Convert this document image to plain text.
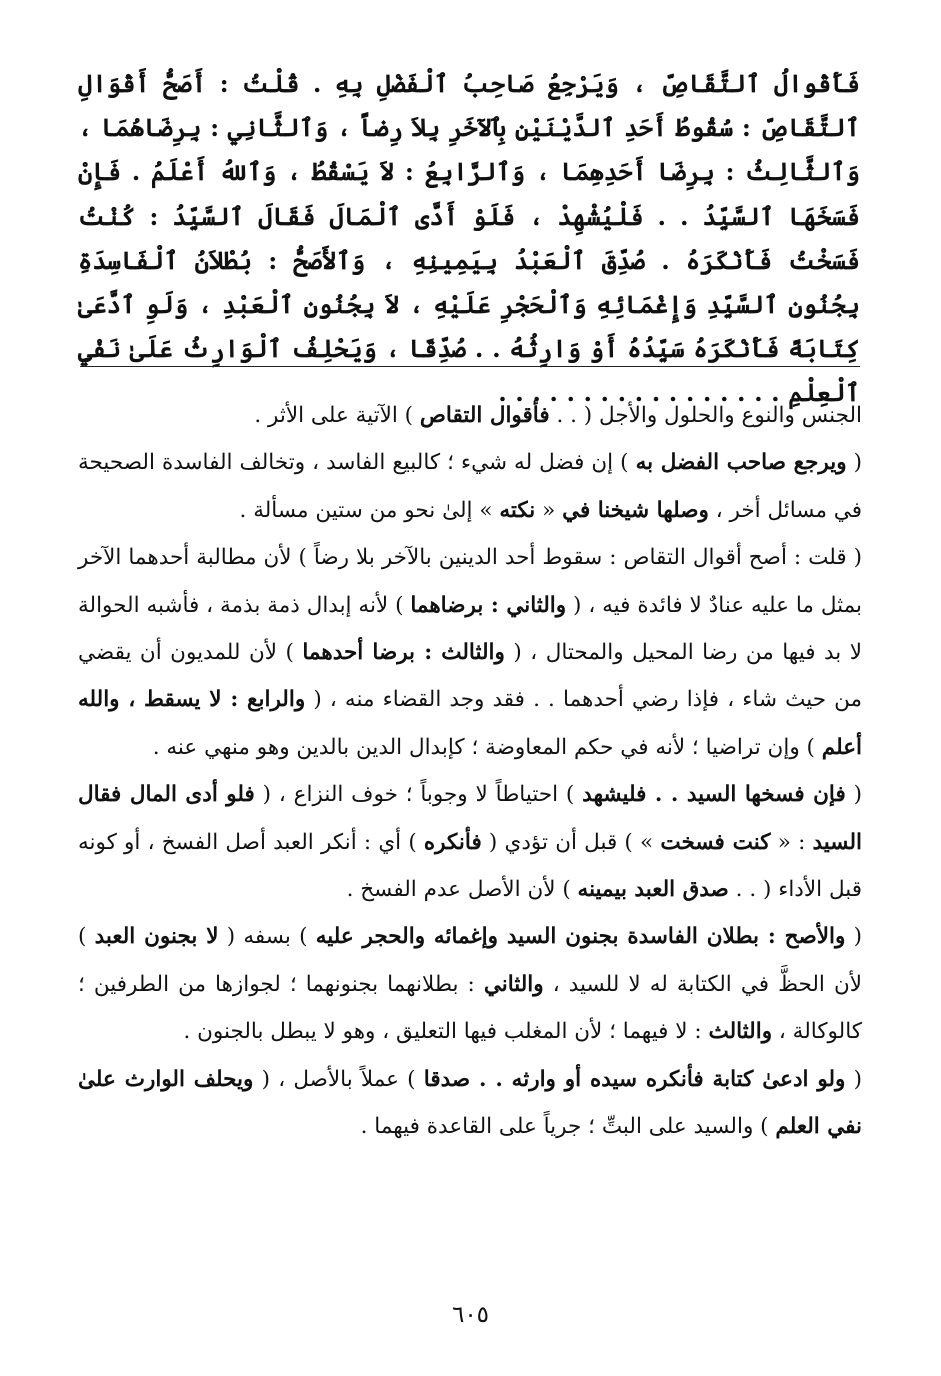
فَأَقْوالُ ٱلتَّقَاصِّ ، وَيَرْجِعُ صَاحِبُ ٱلْفَضْلِ بِهِ . قُلْتُ : أَصَحُّ أَقْوَالِ ٱلتَّقَاصِّ : سُقُوطُ أَحَدِ ٱلدَّيْنَيْنِ بِٱلآخَرِ بِلاَ رِضاً ، وَٱلثَّانِي : بِرِضَاهُمَا ، وَٱلثَّالِثُ : بِرِضَا أَحَدِهِمَا ، وَٱلرَّابِعُ : لاَ يَسْقُطُ ، وَٱللهُ أَعْلَمُ . فَإِنْ فَسَخَهَا ٱلسَّيِّدُ . . فَلْيُشْهِدْ ، فَلَوْ أَدَّى ٱلْمَالَ فَقَالَ ٱلسَّيِّدُ : كُنْتُ فَسَخْتُ فَأَنْكَرَهُ . صُدِّقَ ٱلْعَبْدُ بِيَمِينِهِ ، وَٱلأَصَحُّ : بُطْلاَنُ ٱلْفَاسِدَةِ بِجُنُونِ ٱلسَّيِّدِ وَإِغْمَائِهِ وَٱلْحَجْرِ عَلَيْهِ ، لاَ بِجُنُونِ ٱلْعَبْدِ ، وَلَوِ ٱدَّعَىٰ كِتَابَةً فَأَنْكَرَهُ سَيِّدُهُ أَوْ وَارِثُهُ . . صُدِّقَا ، وَيَحْلِفُ ٱلْوَارِثُ عَلَىٰ نَفْيِ ٱلْعِلْمِ . . . . . . . . . . . . . . . . .

الجنس والنوع والحلول والأجل ( . . فأقوال التقاص ) الآتية على الأثر .

( ويرجع صاحب الفضل به ) إن فضل له شيء ؛ كالبيع الفاسد ، وتخالف الفاسدة الصحيحة في مسائل أخر ، وصلها شيخنا في « نكته » إلىٰ نحو من ستين مسألة .

( قلت : أصح أقوال التقاص : سقوط أحد الدينين بالآخر بلا رضاً ) لأن مطالبة أحدهما الآخر بمثل ما عليه عنادٌ لا فائدة فيه ، ( والثاني : برضاهما ) لأنه إبدال ذمة بذمة ، فأشبه الحوالة لا بد فيها من رضا المحيل والمحتال ، ( والثالث : برضا أحدهما ) لأن للمديون أن يقضي من حيث شاء ، فإذا رضي أحدهما . . فقد وجد القضاء منه ، ( والرابع : لا يسقط ، والله أعلم ) وإن تراضيا ؛ لأنه في حكم المعاوضة ؛ كإبدال الدين بالدين وهو منهي عنه .

( فإن فسخها السيد . . فليشهد ) احتياطاً لا وجوباً ؛ خوف النزاع ، ( فلو أدى المال فقال السيد : « كنت فسخت » ) قبل أن تؤدي ( فأنكره ) أي : أنكر العبد أصل الفسخ ، أو كونه قبل الأداء ( . . صدق العبد بيمينه ) لأن الأصل عدم الفسخ .

( والأصح : بطلان الفاسدة بجنون السيد وإغمائه والحجر عليه ) بسفه ( لا بجنون العبد ) لأن الحظَّ في الكتابة له لا للسيد ، والثاني : بطلانهما بجنونهما ؛ لجوازها من الطرفين ؛ كالوكالة ، والثالث : لا فيهما ؛ لأن المغلب فيها التعليق ، وهو لا يبطل بالجنون .

( ولو ادعىٰ كتابة فأنكره سيده أو وارثه . . صدقا ) عملاً بالأصل ، ( ويحلف الوارث علىٰ نفي العلم ) والسيد على البتِّ ؛ جرياً على القاعدة فيهما .

٦٠٥
